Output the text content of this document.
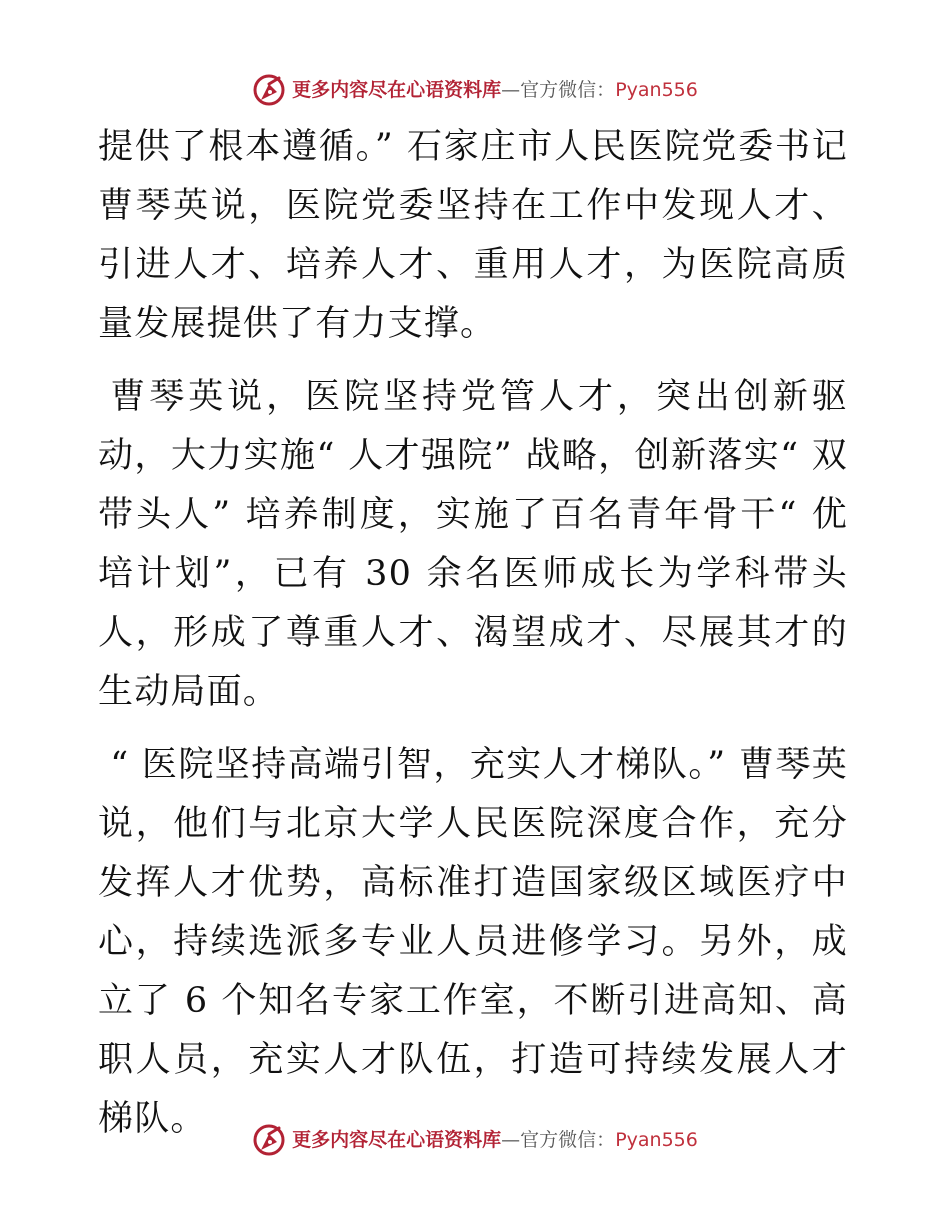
更多内容尽在心语资料库—官方微信：Pyan556

提供了根本遵循。” 石家庄市人民医院党委书记曹琴英说，医院党委坚持在工作中发现人才、引进人才、培养人才、重用人才，为医院高质量发展提供了有力支撑。

曹琴英说，医院坚持党管人才，突出创新驱动，大力实施“ 人才强院” 战略，创新落实“ 双带头人” 培养制度，实施了百名青年骨干“ 优培计划”，已有 30 余名医师成长为学科带头人，形成了尊重人才、渴望成才、尽展其才的生动局面。

“ 医院坚持高端引智，充实人才梯队。” 曹琴英说，他们与北京大学人民医院深度合作，充分发挥人才优势，高标准打造国家级区域医疗中心，持续选派多专业人员进修学习。另外，成立了 6 个知名专家工作室，不断引进高知、高职人员，充实人才队伍，打造可持续发展人才梯队。

更多内容尽在心语资料库—官方微信：Pyan556
